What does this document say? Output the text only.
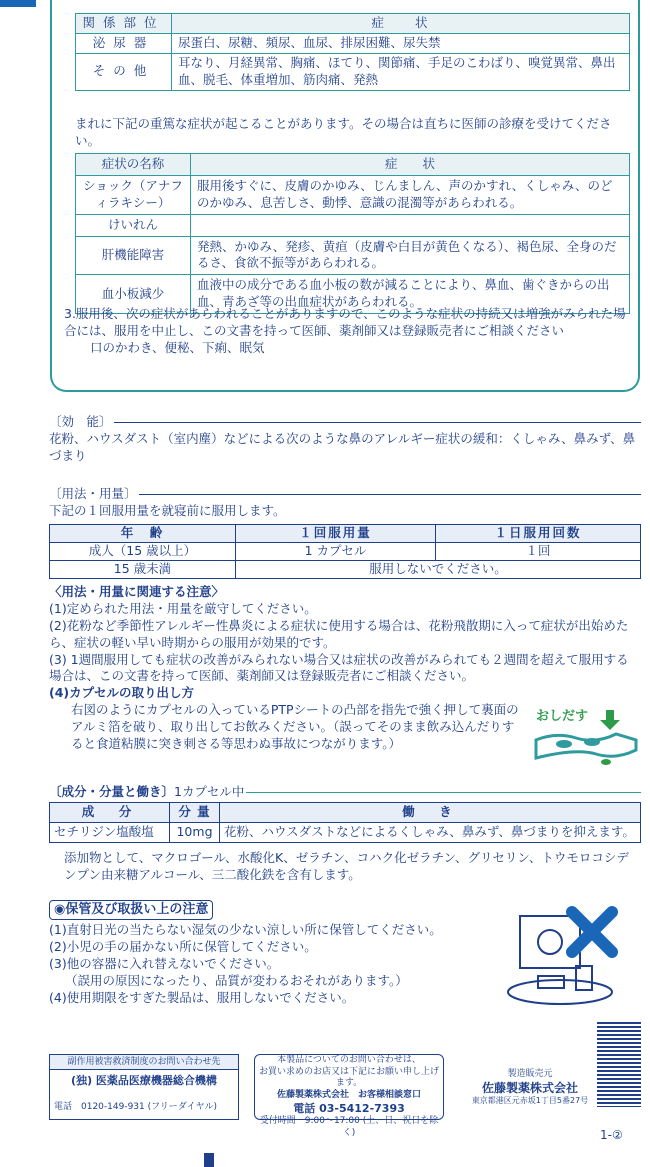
関係部位	症　　状
泌尿器	尿蛋白、尿糖、頻尿、血尿、排尿困難、尿失禁
その他	耳なり、月経異常、胸痛、ほてり、関節痛、手足のこわばり、嗅覚異常、鼻出血、脱毛、体重増加、筋肉痛、発熱
まれに下記の重篤な症状が起こることがあります。その場合は直ちに医師の診療を受けてください。
症状の名称	症　　状
ショック（アナフィラキシー）	服用後すぐに、皮膚のかゆみ、じんましん、声のかすれ、くしゃみ、のどのかゆみ、息苦しさ、動悸、意識の混濁等があらわれる。
けいれん	
肝機能障害	発熱、かゆみ、発疹、黄疸（皮膚や白目が黄色くなる）、褐色尿、全身のだるさ、食欲不振等があらわれる。
血小板減少	血液中の成分である血小板の数が減ることにより、鼻血、歯ぐきからの出血、青あざ等の出血症状があらわれる。
3.服用後、次の症状があらわれることがありますので、このような症状の持続又は増強がみられた場合には、服用を中止し、この文書を持って医師、薬剤師又は登録販売者にご相談ください
口のかわき、便秘、下痢、眠気
〔効　能〕
花粉、ハウスダスト（室内塵）などによる次のような鼻のアレルギー症状の緩和：くしゃみ、鼻みず、鼻づまり
〔用法・用量〕
下記の１回服用量を就寝前に服用します。
年　齢	１回服用量	１日服用回数
成人（15 歳以上）	1 カプセル	１回
15 歳未満	服用しないでください。	
〈用法・用量に関連する注意〉
(1)定められた用法・用量を厳守してください。
(2)花粉など季節性アレルギー性鼻炎による症状に使用する場合は、花粉飛散期に入って症状が出始めたら、症状の軽い早い時期からの服用が効果的です。
(3) 1週間服用しても症状の改善がみられない場合又は症状の改善がみられても２週間を超えて服用する場合は、この文書を持って医師、薬剤師又は登録販売者にご相談ください。
(4)カプセルの取り出し方
右図のようにカプセルの入っているPTPシートの凸部を指先で強く押して裏面のアルミ箔を破り、取り出してお飲みください。（誤ってそのまま飲み込んだりすると食道粘膜に突き刺さる等思わぬ事故につながります。）
おしだす
〔成分・分量と働き〕 1カプセル中
成　分	分 量	働　き
セチリジン塩酸塩	10mg	花粉、ハウスダストなどによるくしゃみ、鼻みず、鼻づまりを抑えます。
添加物として、マクロゴール、水酸化K、ゼラチン、コハク化ゼラチン、グリセリン、トウモロコシデンプン由来糖アルコール、三二酸化鉄を含有します。
◉保管及び取扱い上の注意
(1)直射日光の当たらない湿気の少ない涼しい所に保管してください。
(2)小児の手の届かない所に保管してください。
(3)他の容器に入れ替えないでください。
（誤用の原因になったり、品質が変わるおそれがあります。）
(4)使用期限をすぎた製品は、服用しないでください。
副作用被害救済制度のお問い合わせ先
(独) 医薬品医療機器総合機構
電話　0120-149-931 (フリーダイヤル)
本製品についてのお問い合わせは、
お買い求めのお店又は下記にお願い申し上げます。
佐藤製薬株式会社　お客様相談窓口
電話 03-5412-7393
受付時間　9:00〜17:00 (土、日、祝日を除く)
製造販売元
佐藤製薬株式会社
東京都港区元赤坂1丁目5番27号
1-②
